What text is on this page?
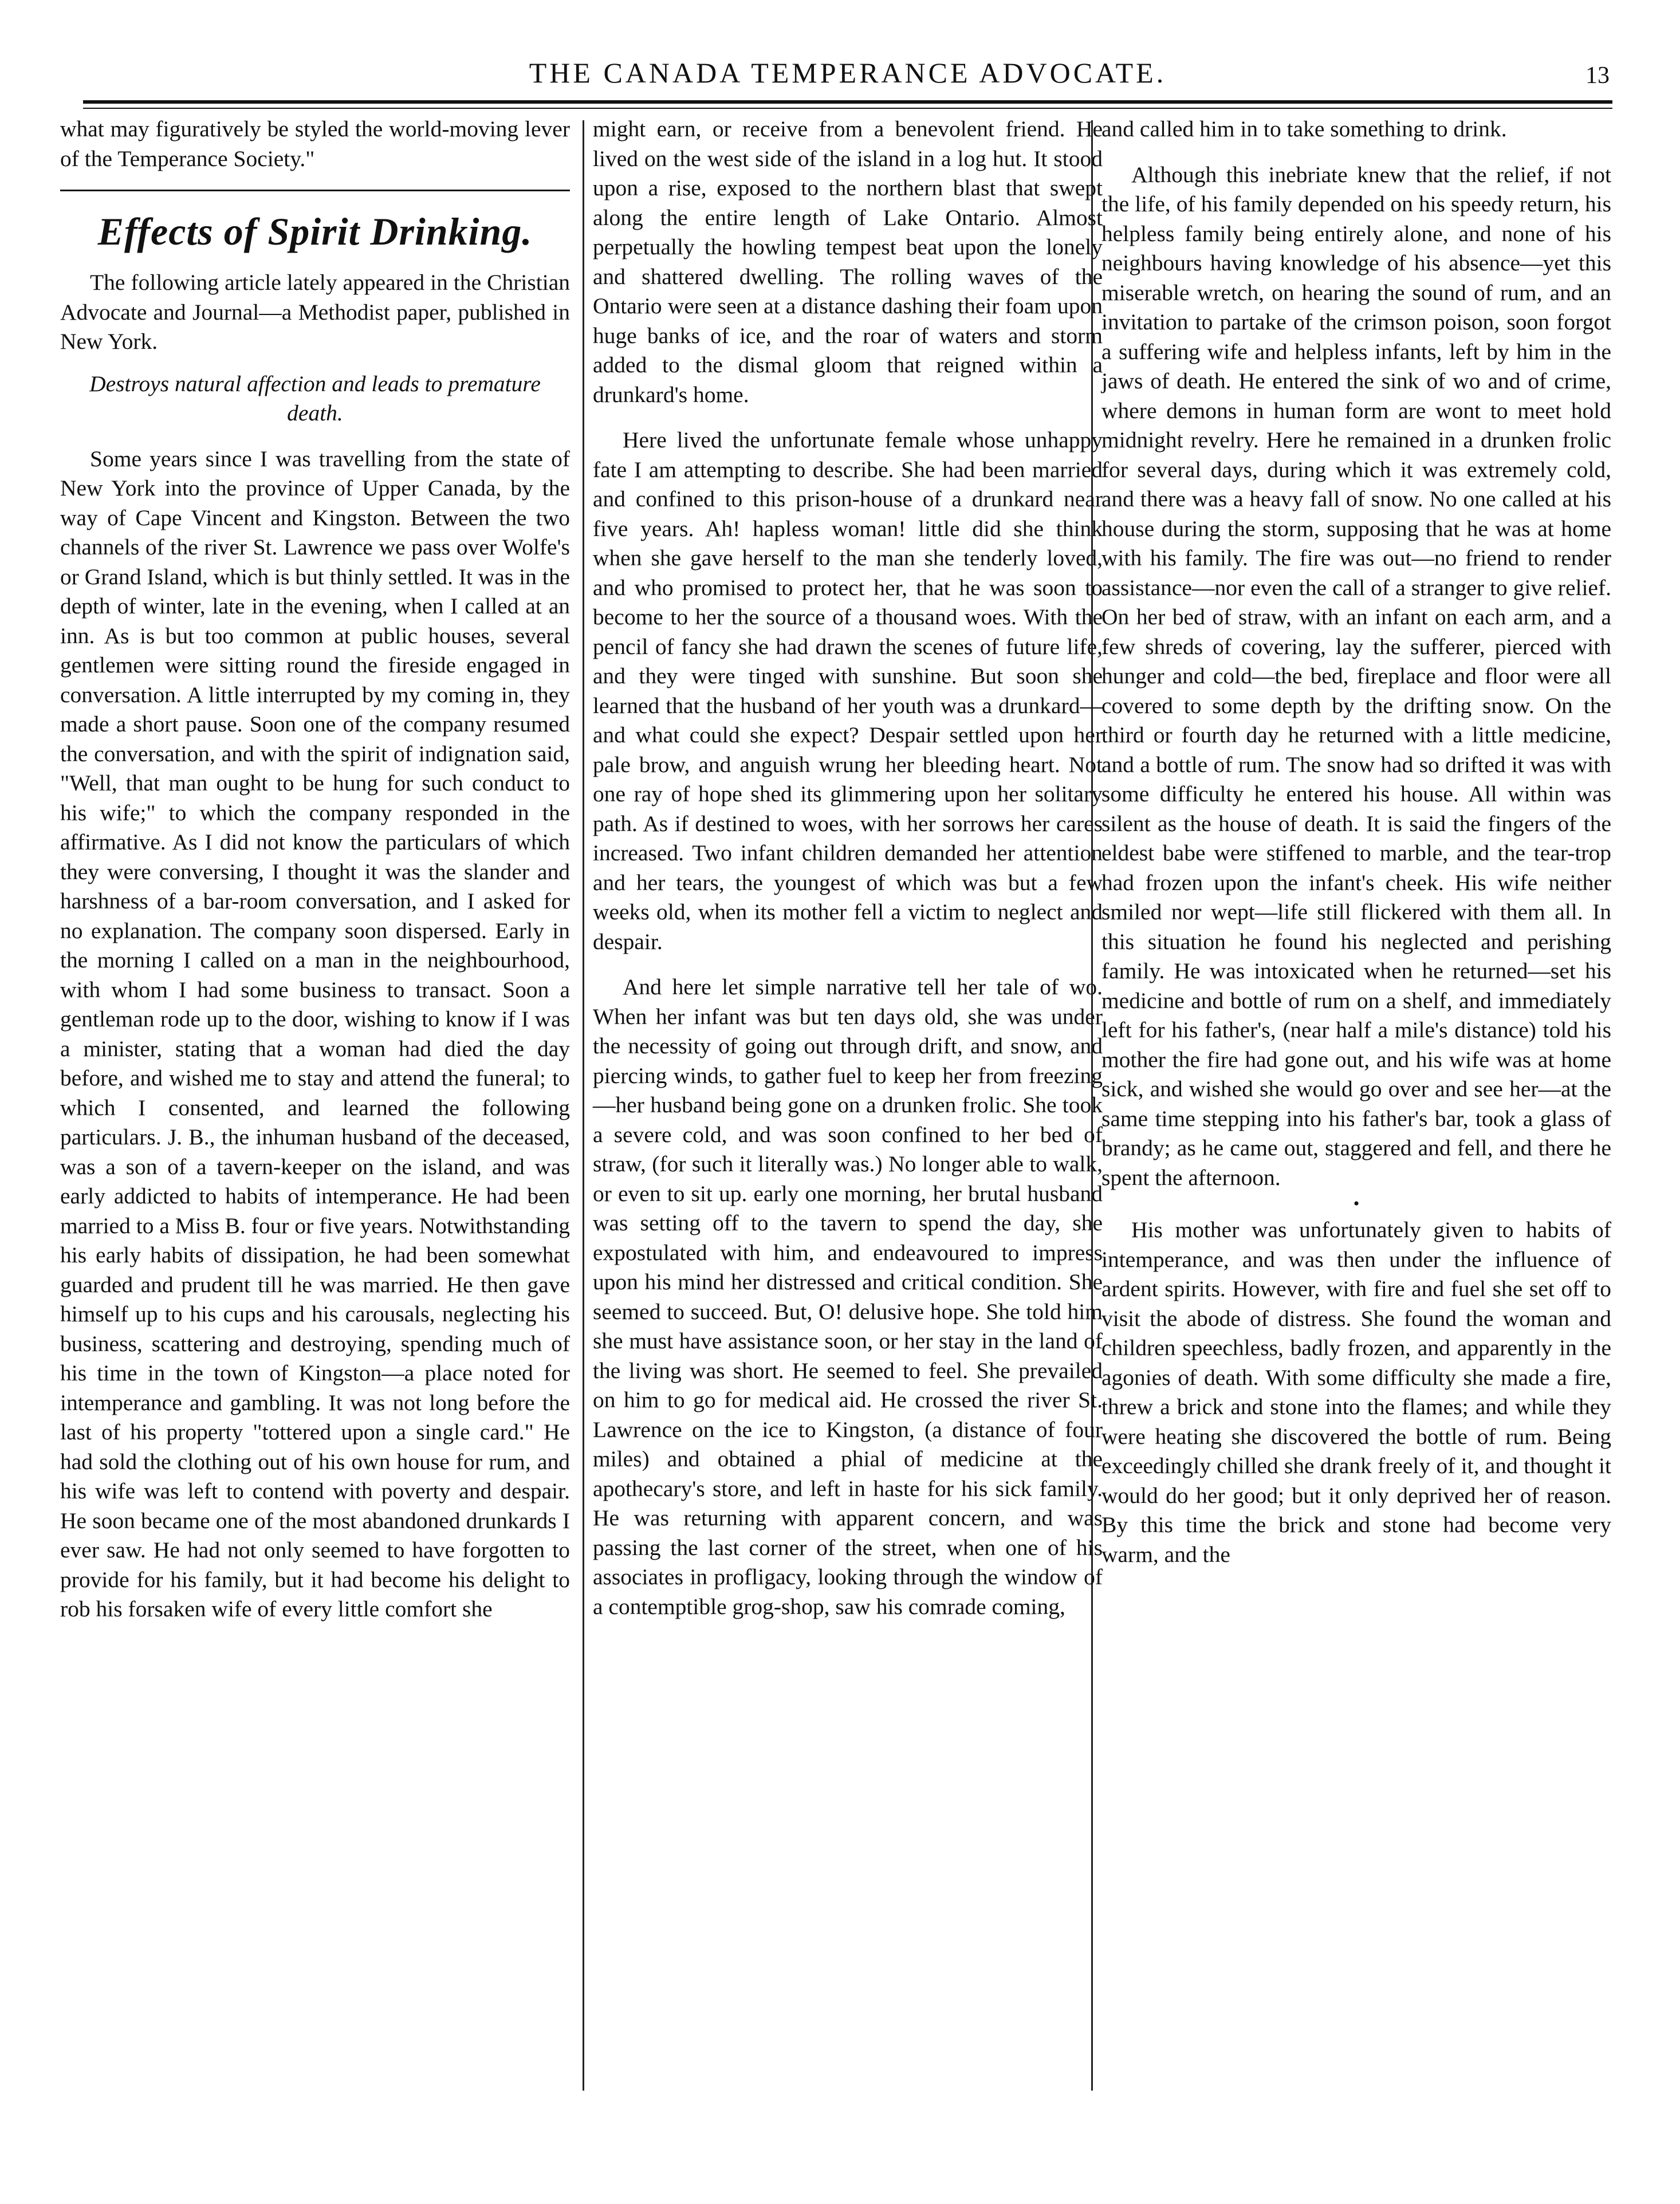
THE CANADA TEMPERANCE ADVOCATE.	13

what may figuratively be styled the world-moving lever of the Temperance Society."

Effects of Spirit Drinking.

The following article lately appeared in the Christian Advocate and Journal—a Methodist paper, published in New York.

Destroys natural affection and leads to premature death.

Some years since I was travelling from the state of New York into the province of Upper Canada, by the way of Cape Vincent and Kingston. Between the two channels of the river St. Lawrence we pass over Wolfe's or Grand Island, which is but thinly settled. It was in the depth of winter, late in the evening, when I called at an inn. As is but too common at public houses, several gentlemen were sitting round the fireside engaged in conversation. A little interrupted by my coming in, they made a short pause. Soon one of the company resumed the conversation, and with the spirit of indignation said, "Well, that man ought to be hung for such conduct to his wife;" to which the company responded in the affirmative. As I did not know the particulars of which they were conversing, I thought it was the slander and harshness of a bar-room conversation, and I asked for no explanation. The company soon dispersed. Early in the morning I called on a man in the neighbourhood, with whom I had some business to transact. Soon a gentleman rode up to the door, wishing to know if I was a minister, stating that a woman had died the day before, and wished me to stay and attend the funeral; to which I consented, and learned the following particulars. J. B., the inhuman husband of the deceased, was a son of a tavern-keeper on the island, and was early addicted to habits of intemperance. He had been married to a Miss B. four or five years. Notwithstanding his early habits of dissipation, he had been somewhat guarded and prudent till he was married. He then gave himself up to his cups and his carousals, neglecting his business, scattering and destroying, spending much of his time in the town of Kingston—a place noted for intemperance and gambling. It was not long before the last of his property "tottered upon a single card." He had sold the clothing out of his own house for rum, and his wife was left to contend with poverty and despair. He soon became one of the most abandoned drunkards I ever saw. He had not only seemed to have forgotten to provide for his family, but it had become his delight to rob his forsaken wife of every little comfort she

might earn, or receive from a benevolent friend. He lived on the west side of the island in a log hut. It stood upon a rise, exposed to the northern blast that swept along the entire length of Lake Ontario. Almost perpetually the howling tempest beat upon the lonely and shattered dwelling. The rolling waves of the Ontario were seen at a distance dashing their foam upon huge banks of ice, and the roar of waters and storm added to the dismal gloom that reigned within a drunkard's home.

Here lived the unfortunate female whose unhappy fate I am attempting to describe. She had been married and confined to this prison-house of a drunkard near five years. Ah! hapless woman! little did she think when she gave herself to the man she tenderly loved, and who promised to protect her, that he was soon to become to her the source of a thousand woes. With the pencil of fancy she had drawn the scenes of future life, and they were tinged with sunshine. But soon she learned that the husband of her youth was a drunkard—and what could she expect? Despair settled upon her pale brow, and anguish wrung her bleeding heart. Not one ray of hope shed its glimmering upon her solitary path. As if destined to woes, with her sorrows her cares increased. Two infant children demanded her attention and her tears, the youngest of which was but a few weeks old, when its mother fell a victim to neglect and despair.

And here let simple narrative tell her tale of wo. When her infant was but ten days old, she was under the necessity of going out through drift, and snow, and piercing winds, to gather fuel to keep her from freezing—her husband being gone on a drunken frolic. She took a severe cold, and was soon confined to her bed of straw, (for such it literally was.) No longer able to walk, or even to sit up. early one morning, her brutal husband was setting off to the tavern to spend the day, she expostulated with him, and endeavoured to impress upon his mind her distressed and critical condition. She seemed to succeed. But, O! delusive hope. She told him she must have assistance soon, or her stay in the land of the living was short. He seemed to feel. She prevailed on him to go for medical aid. He crossed the river St. Lawrence on the ice to Kingston, (a distance of four miles) and obtained a phial of medicine at the apothecary's store, and left in haste for his sick family. He was returning with apparent concern, and was passing the last corner of the street, when one of his associates in profligacy, looking through the window of a contemptible grog-shop, saw his comrade coming,

and called him in to take something to drink.

Although this inebriate knew that the relief, if not the life, of his family depended on his speedy return, his helpless family being entirely alone, and none of his neighbours having knowledge of his absence—yet this miserable wretch, on hearing the sound of rum, and an invitation to partake of the crimson poison, soon forgot a suffering wife and helpless infants, left by him in the jaws of death. He entered the sink of wo and of crime, where demons in human form are wont to meet hold midnight revelry. Here he remained in a drunken frolic for several days, during which it was extremely cold, and there was a heavy fall of snow. No one called at his house during the storm, supposing that he was at home with his family. The fire was out—no friend to render assistance—nor even the call of a stranger to give relief. On her bed of straw, with an infant on each arm, and a few shreds of covering, lay the sufferer, pierced with hunger and cold—the bed, fireplace and floor were all covered to some depth by the drifting snow. On the third or fourth day he returned with a little medicine, and a bottle of rum. The snow had so drifted it was with some difficulty he entered his house. All within was silent as the house of death. It is said the fingers of the eldest babe were stiffened to marble, and the tear-trop had frozen upon the infant's cheek. His wife neither smiled nor wept—life still flickered with them all. In this situation he found his neglected and perishing family. He was intoxicated when he returned—set his medicine and bottle of rum on a shelf, and immediately left for his father's, (near half a mile's distance) told his mother the fire had gone out, and his wife was at home sick, and wished she would go over and see her—at the same time stepping into his father's bar, took a glass of brandy; as he came out, staggered and fell, and there he spent the afternoon.

•

His mother was unfortunately given to habits of intemperance, and was then under the influence of ardent spirits. However, with fire and fuel she set off to visit the abode of distress. She found the woman and children speechless, badly frozen, and apparently in the agonies of death. With some difficulty she made a fire, threw a brick and stone into the flames; and while they were heating she discovered the bottle of rum. Being exceedingly chilled she drank freely of it, and thought it would do her good; but it only deprived her of reason. By this time the brick and stone had become very warm, and the
